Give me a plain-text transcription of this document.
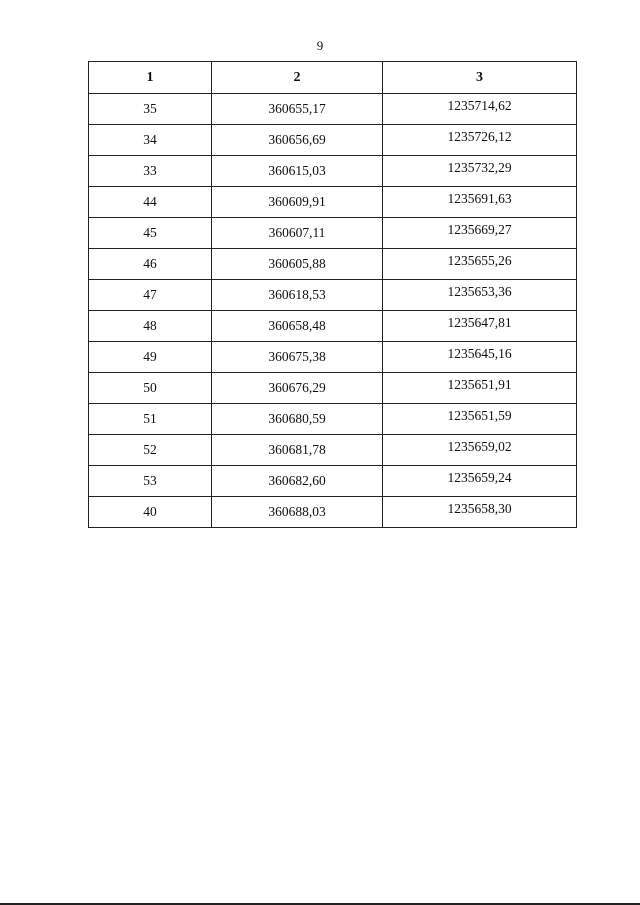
9
1	2	3
35	360655,17	1235714,62
34	360656,69	1235726,12
33	360615,03	1235732,29
44	360609,91	1235691,63
45	360607,11	1235669,27
46	360605,88	1235655,26
47	360618,53	1235653,36
48	360658,48	1235647,81
49	360675,38	1235645,16
50	360676,29	1235651,91
51	360680,59	1235651,59
52	360681,78	1235659,02
53	360682,60	1235659,24
40	360688,03	1235658,30
